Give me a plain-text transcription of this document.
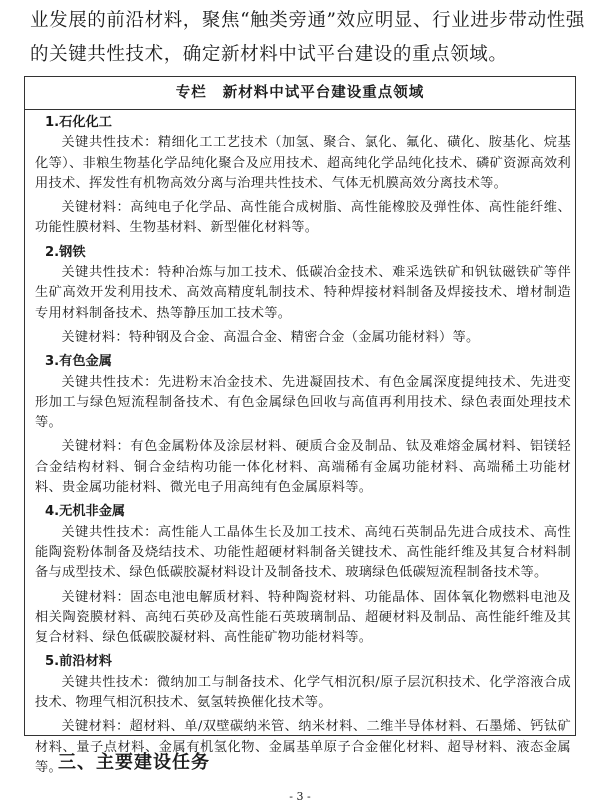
业发展的前沿材料，聚焦“触类旁通”效应明显、行业进步带动性强的关键共性技术，确定新材料中试平台建设的重点领域。

专栏 新材料中试平台建设重点领域

1.石化化工

关键共性技术：精细化工工艺技术（加氢、聚合、氯化、氟化、磺化、胺基化、烷基化等）、非粮生物基化学品纯化聚合及应用技术、超高纯化学品纯化技术、磷矿资源高效利用技术、挥发性有机物高效分离与治理共性技术、气体无机膜高效分离技术等。

关键材料：高纯电子化学品、高性能合成树脂、高性能橡胶及弹性体、高性能纤维、功能性膜材料、生物基材料、新型催化材料等。

2.钢铁

关键共性技术：特种冶炼与加工技术、低碳冶金技术、难采选铁矿和钒钛磁铁矿等伴生矿高效开发利用技术、高效高精度轧制技术、特种焊接材料制备及焊接技术、增材制造专用材料制备技术、热等静压加工技术等。

关键材料：特种钢及合金、高温合金、精密合金（金属功能材料）等。

3.有色金属

关键共性技术：先进粉末冶金技术、先进凝固技术、有色金属深度提纯技术、先进变形加工与绿色短流程制备技术、有色金属绿色回收与高值再利用技术、绿色表面处理技术等。

关键材料：有色金属粉体及涂层材料、硬质合金及制品、钛及难熔金属材料、铝镁轻合金结构材料、铜合金结构功能一体化材料、高端稀有金属功能材料、高端稀土功能材料、贵金属功能材料、微光电子用高纯有色金属原料等。

4.无机非金属

关键共性技术：高性能人工晶体生长及加工技术、高纯石英制品先进合成技术、高性能陶瓷粉体制备及烧结技术、功能性超硬材料制备关键技术、高性能纤维及其复合材料制备与成型技术、绿色低碳胶凝材料设计及制备技术、玻璃绿色低碳短流程制备技术等。

关键材料：固态电池电解质材料、特种陶瓷材料、功能晶体、固体氧化物燃料电池及相关陶瓷膜材料、高纯石英砂及高性能石英玻璃制品、超硬材料及制品、高性能纤维及其复合材料、绿色低碳胶凝材料、高性能矿物功能材料等。

5.前沿材料

关键共性技术：微纳加工与制备技术、化学气相沉积/原子层沉积技术、化学溶液合成技术、物理气相沉积技术、氨氢转换催化技术等。

关键材料：超材料、单/双壁碳纳米管、纳米材料、二维半导体材料、石墨烯、钙钛矿材料、量子点材料、金属有机氢化物、金属基单原子合金催化材料、超导材料、液态金属等。

三、主要建设任务

- 3 -
